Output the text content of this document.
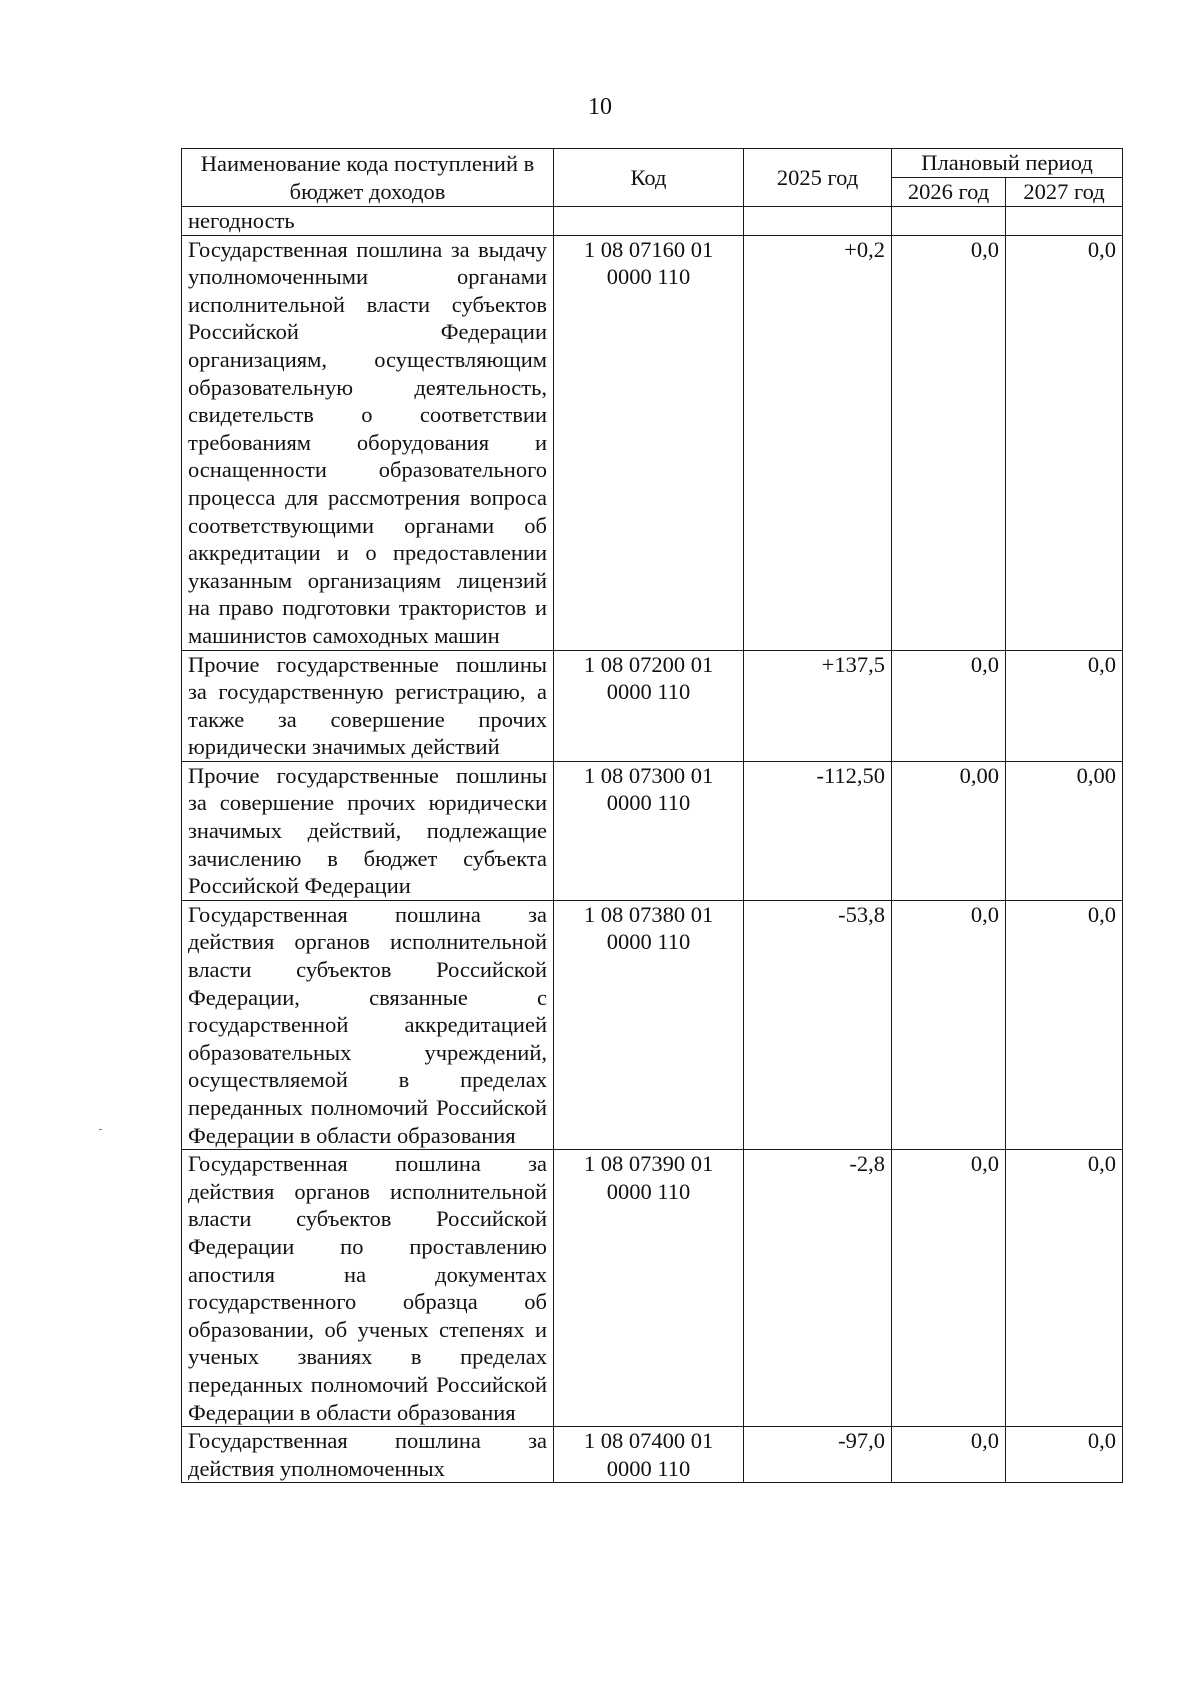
10
Наименование кода поступлений в бюджет доходов	Код	2025 год	Плановый период	
			2026 год	2027 год
негодность				
Государственная пошлина за выдачу уполномоченными органами исполнительной власти субъектов Российской Федерации организациям, осуществляющим образовательную деятельность, свидетельств о соответствии требованиям оборудования и оснащенности образовательного процесса для рассмотрения вопроса соответствующими органами об аккредитации и о предоставлении указанным организациям лицензий на право подготовки трактористов и машинистов самоходных машин	1 08 07160 01 0000 110	+0,2	0,0	0,0
Прочие государственные пошлины за государственную регистрацию, а также за совершение прочих юридически значимых действий	1 08 07200 01 0000 110	+137,5	0,0	0,0
Прочие государственные пошлины за совершение прочих юридически значимых действий, подлежащие зачислению в бюджет субъекта Российской Федерации	1 08 07300 01 0000 110	-112,50	0,00	0,00
Государственная пошлина за действия органов исполнительной власти субъектов Российской Федерации, связанные с государственной аккредитацией образовательных учреждений, осуществляемой в пределах переданных полномочий Российской Федерации в области образования	1 08 07380 01 0000 110	-53,8	0,0	0,0
Государственная пошлина за действия органов исполнительной власти субъектов Российской Федерации по проставлению апостиля на документах государственного образца об образовании, об ученых степенях и ученых званиях в пределах переданных полномочий Российской Федерации в области образования	1 08 07390 01 0000 110	-2,8	0,0	0,0
Государственная пошлина за действия уполномоченных	1 08 07400 01 0000 110	-97,0	0,0	0,0
